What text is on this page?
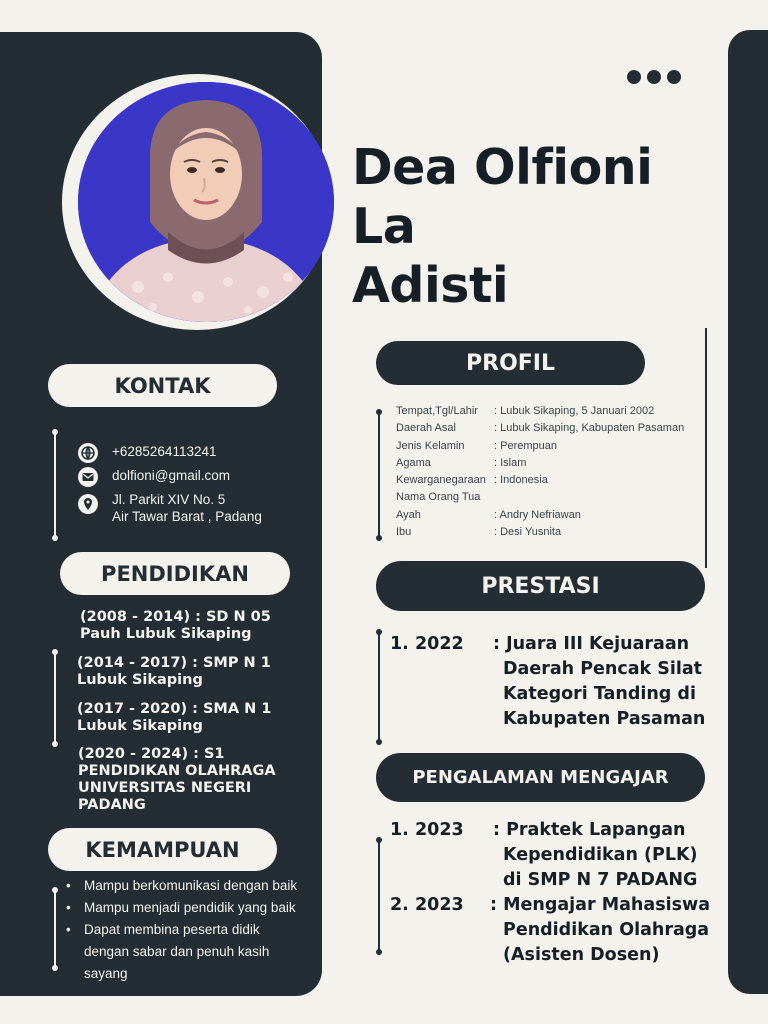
Dea Olfioni La
Adisti
KONTAK
+6285264113241
dolfioni@gmail.com
Jl. Parkit XIV No. 5
Air Tawar Barat , Padang
PENDIDIKAN
(2008 - 2014) : SD N 05
Pauh Lubuk Sikaping
(2014 - 2017) : SMP N 1
Lubuk Sikaping
(2017 - 2020) : SMA N 1
Lubuk Sikaping
(2020 - 2024) : S1
PENDIDIKAN OLAHRAGA
UNIVERSITAS NEGERI
PADANG
KEMAMPUAN
• Mampu berkomunikasi dengan baik
• Mampu menjadi pendidik yang baik
• Dapat membina peserta didik
dengan sabar dan penuh kasih
sayang
PROFIL
Tempat,Tgl/Lahir	: Lubuk Sikaping, 5 Januari 2002
Daerah Asal	: Lubuk Sikaping, Kabupaten Pasaman
Jenis Kelamin	: Perempuan
Agama	: Islam
Kewarganegaraan : Indonesia
Nama Orang Tua
Ayah	: Andry Nefriawan
Ibu	: Desi Yusnita
PRESTASI
1. 2022 : Juara III Kejuaraan
Daerah Pencak Silat
Kategori Tanding di
Kabupaten Pasaman
PENGALAMAN MENGAJAR
1. 2023 : Praktek Lapangan
Kependidikan (PLK)
di SMP N 7 PADANG
2. 2023 : Mengajar Mahasiswa
Pendidikan Olahraga
(Asisten Dosen)
